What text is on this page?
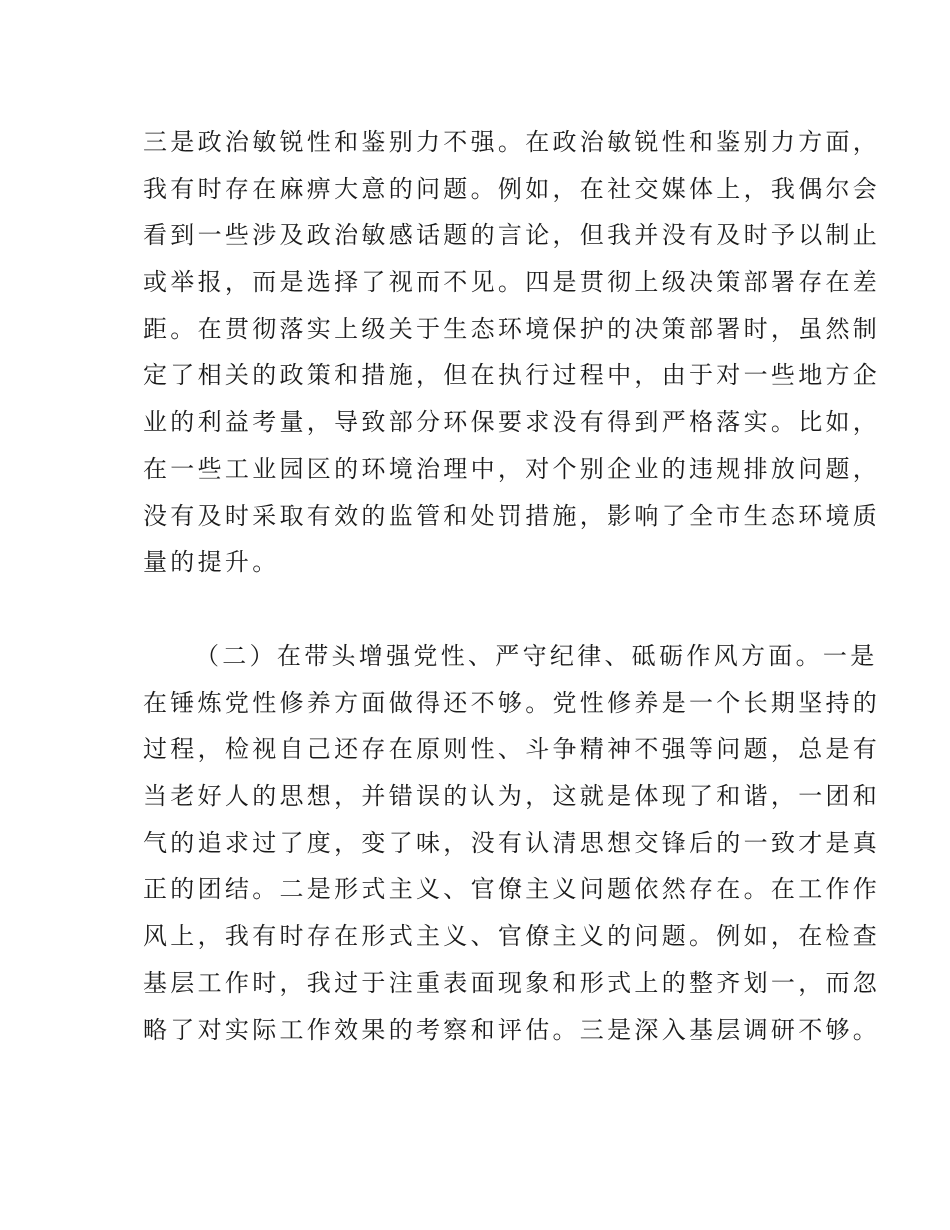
三是政治敏锐性和鉴别力不强。在政治敏锐性和鉴别力方面，
我有时存在麻痹大意的问题。例如，在社交媒体上，我偶尔会
看到一些涉及政治敏感话题的言论，但我并没有及时予以制止
或举报，而是选择了视而不见。四是贯彻上级决策部署存在差
距。在贯彻落实上级关于生态环境保护的决策部署时，虽然制
定了相关的政策和措施，但在执行过程中，由于对一些地方企
业的利益考量，导致部分环保要求没有得到严格落实。比如，
在一些工业园区的环境治理中，对个别企业的违规排放问题，
没有及时采取有效的监管和处罚措施，影响了全市生态环境质
量的提升。

（二）在带头增强党性、严守纪律、砥砺作风方面。一是
在锤炼党性修养方面做得还不够。党性修养是一个长期坚持的
过程，检视自己还存在原则性、斗争精神不强等问题，总是有
当老好人的思想，并错误的认为，这就是体现了和谐，一团和
气的追求过了度，变了味，没有认清思想交锋后的一致才是真
正的团结。二是形式主义、官僚主义问题依然存在。在工作作
风上，我有时存在形式主义、官僚主义的问题。例如，在检查
基层工作时，我过于注重表面现象和形式上的整齐划一，而忽
略了对实际工作效果的考察和评估。三是深入基层调研不够。
